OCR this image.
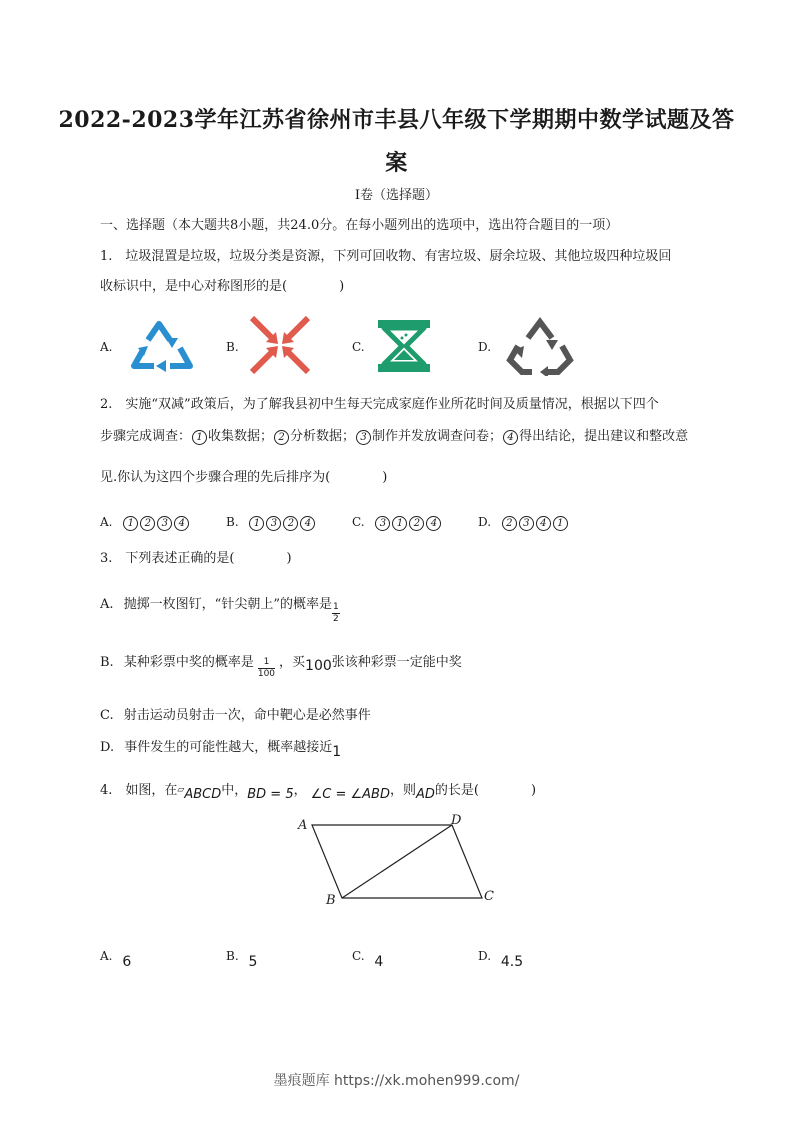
2022-2023学年江苏省徐州市丰县八年级下学期期中数学试题及答
案
I卷（选择题）
一、选择题（本大题共8小题，共24.0分。在每小题列出的选项中，选出符合题目的一项）
1.　垃圾混置是垃圾，垃圾分类是资源，下列可回收物、有害垃圾、厨余垃圾、其他垃圾四种垃圾回
收标识中，是中心对称图形的是(　　　　)
A.	B.	C.	D.
2.　实施“双减”政策后，为了解我县初中生每天完成家庭作业所花时间及质量情况，根据以下四个
步骤完成调查： 1 收集数据； 2 分析数据； 3 制作并发放调查问卷； 4 得出结论，提出建议和整改意
见.你认为这四个步骤合理的先后排序为(　　　　)
A. 1 2 3 4	B. 1 3 2 4	C. 3 1 2 4	D. 2 3 4 1
3.　下列表述正确的是(　　　　)
A. 抛掷一枚图钉，“针尖朝上”的概率是 $\frac{1}{2}$
B. 某种彩票中奖的概率是 $\frac{1}{100}$ ，买100张该种彩票一定能中奖
C. 射击运动员射击一次，命中靶心是必然事件
D. 事件发生的可能性越大，概率越接近1
4.　如图，在▱ABCD中，BD = 5， ∠C = ∠ABD，则AD的长是(　　　　)
A	D
B	C
A. 6	B. 5	C. 4	D. 4.5
墨痕题库 https://xk.mohen999.com/
